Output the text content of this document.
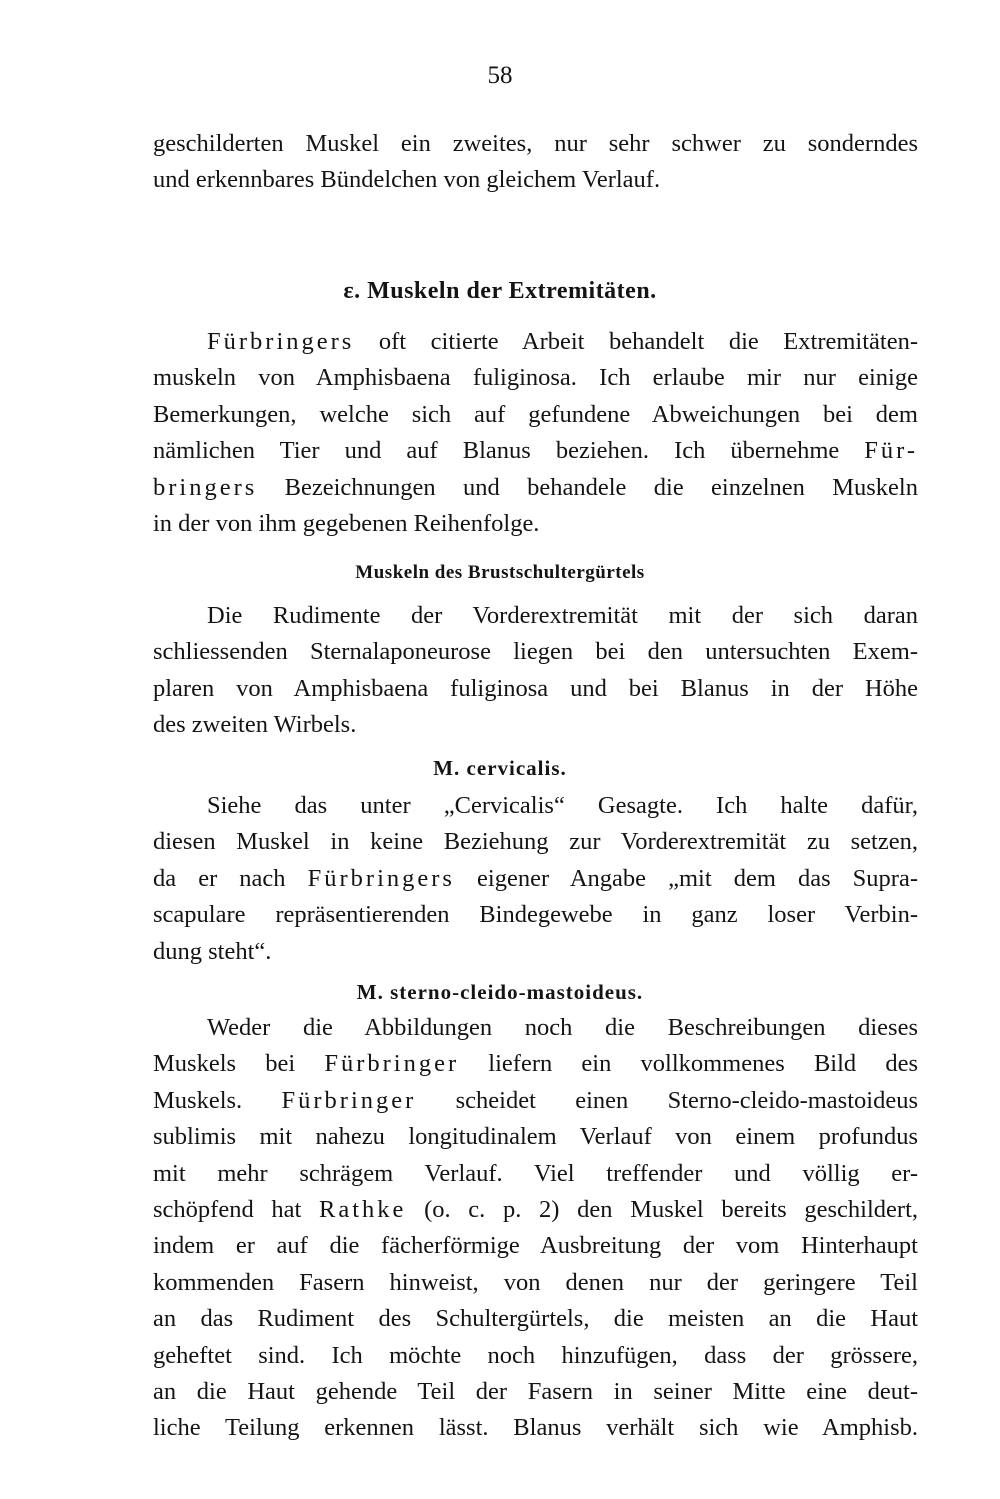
58
geschilderten Muskel ein zweites, nur sehr schwer zu sonderndes
und erkennbares Bündelchen von gleichem Verlauf.
ε. Muskeln der Extremitäten.
Fürbringers oft citierte Arbeit behandelt die Extremitäten-
muskeln von Amphisbaena fuliginosa. Ich erlaube mir nur einige
Bemerkungen, welche sich auf gefundene Abweichungen bei dem
nämlichen Tier und auf Blanus beziehen. Ich übernehme Für-
bringers Bezeichnungen und behandele die einzelnen Muskeln
in der von ihm gegebenen Reihenfolge.
Muskeln des Brustschultergürtels
Die Rudimente der Vorderextremität mit der sich daran
schliessenden Sternalaponeurose liegen bei den untersuchten Exem-
plaren von Amphisbaena fuliginosa und bei Blanus in der Höhe
des zweiten Wirbels.
M. cervicalis.
Siehe das unter „Cervicalis“ Gesagte. Ich halte dafür,
diesen Muskel in keine Beziehung zur Vorderextremität zu setzen,
da er nach Fürbringers eigener Angabe „mit dem das Supra-
scapulare repräsentierenden Bindegewebe in ganz loser Verbin-
dung steht“.
M. sterno-cleido-mastoideus.
Weder die Abbildungen noch die Beschreibungen dieses
Muskels bei Fürbringer liefern ein vollkommenes Bild des
Muskels. Fürbringer scheidet einen Sterno-cleido-mastoideus
sublimis mit nahezu longitudinalem Verlauf von einem profundus
mit mehr schrägem Verlauf. Viel treffender und völlig er-
schöpfend hat Rathke (o. c. p. 2) den Muskel bereits geschildert,
indem er auf die fächerförmige Ausbreitung der vom Hinterhaupt
kommenden Fasern hinweist, von denen nur der geringere Teil
an das Rudiment des Schultergürtels, die meisten an die Haut
geheftet sind. Ich möchte noch hinzufügen, dass der grössere,
an die Haut gehende Teil der Fasern in seiner Mitte eine deut-
liche Teilung erkennen lässt. Blanus verhält sich wie Amphisb.
